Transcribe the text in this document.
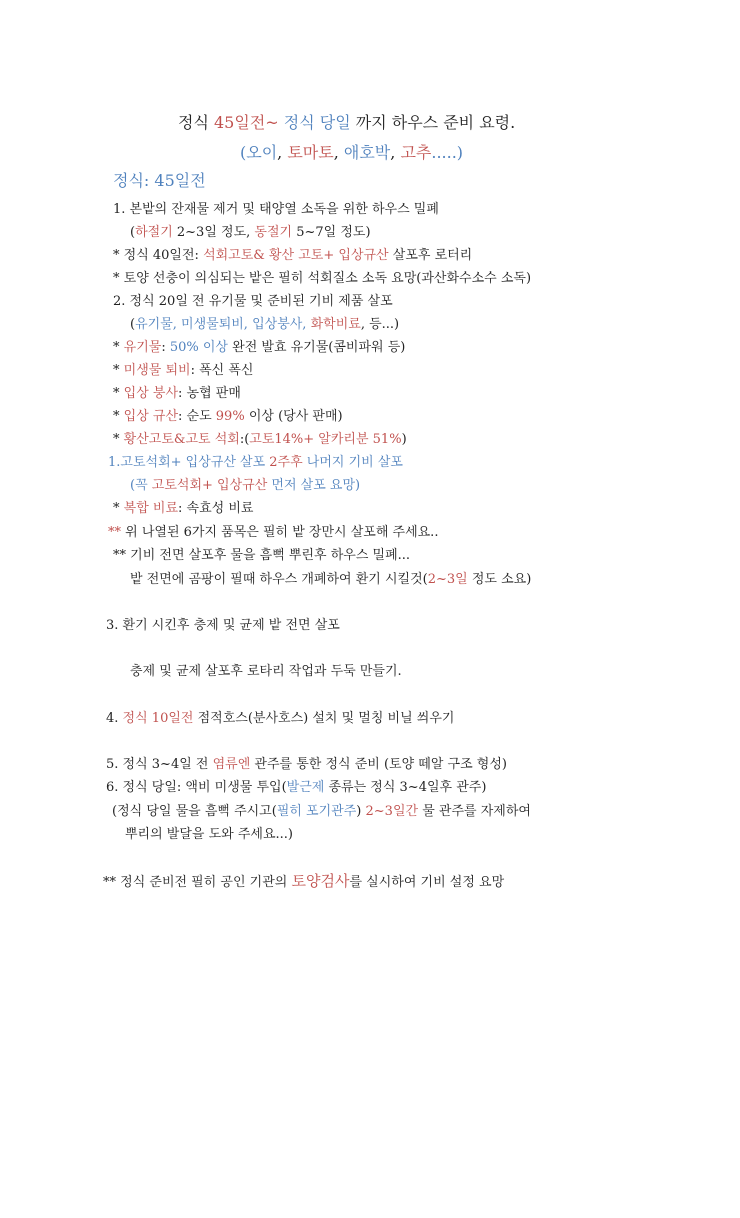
정식 45일전~ 정식 당일 까지 하우스 준비 요령.
(오이, 토마토, 애호박, 고추.....)
정식: 45일전
1. 본밭의 잔재물 제거 및 태양열 소독을 위한 하우스 밀폐
(하절기 2~3일 정도, 동절기 5~7일 정도)
* 정식 40일전: 석회고토& 황산 고토+ 입상규산 살포후 로터리
* 토양 선충이 의심되는 밭은 필히 석회질소 소독 요망(과산화수소수 소독)
2. 정식 20일 전 유기물 및 준비된 기비 제품 살포
(유기물, 미생물퇴비, 입상붕사, 화학비료, 등...)
* 유기물: 50% 이상 완전 발효 유기물(콤비파워 등)
* 미생물 퇴비: 폭신 폭신
* 입상 붕사: 농협 판매
* 입상 규산: 순도 99% 이상 (당사 판매)
* 황산고토&고토 석회:(고토14%+ 알카리분 51%)
1.고토석회+ 입상규산 살포 2주후 나머지 기비 살포
(꼭 고토석회+ 입상규산 먼저 살포 요망)
* 복합 비료: 속효성 비료
** 위 나열된 6가지 품목은 필히 밭 장만시 살포해 주세요..
** 기비 전면 살포후 물을 흠뻑 뿌린후 하우스 밀폐...
밭 전면에 곰팡이 필때 하우스 개폐하여 환기 시킬것(2~3일 정도 소요)
3. 환기 시킨후 충제 및 균제 밭 전면 살포
충제 및 균제 살포후 로타리 작업과 두둑 만들기.
4. 정식 10일전 점적호스(분사호스) 설치 및 멀칭 비닐 씌우기
5. 정식 3~4일 전 염류엔 관주를 통한 정식 준비 (토양 떼알 구조 형성)
6. 정식 당일: 액비 미생물 투입(발근제 종류는 정식 3~4일후 관주)
(정식 당일 물을 흠뻑 주시고(필히 포기관주) 2~3일간 물 관주를 자제하여
뿌리의 발달을 도와 주세요...)
** 정식 준비전 필히 공인 기관의 토양검사를 실시하여 기비 설정 요망
